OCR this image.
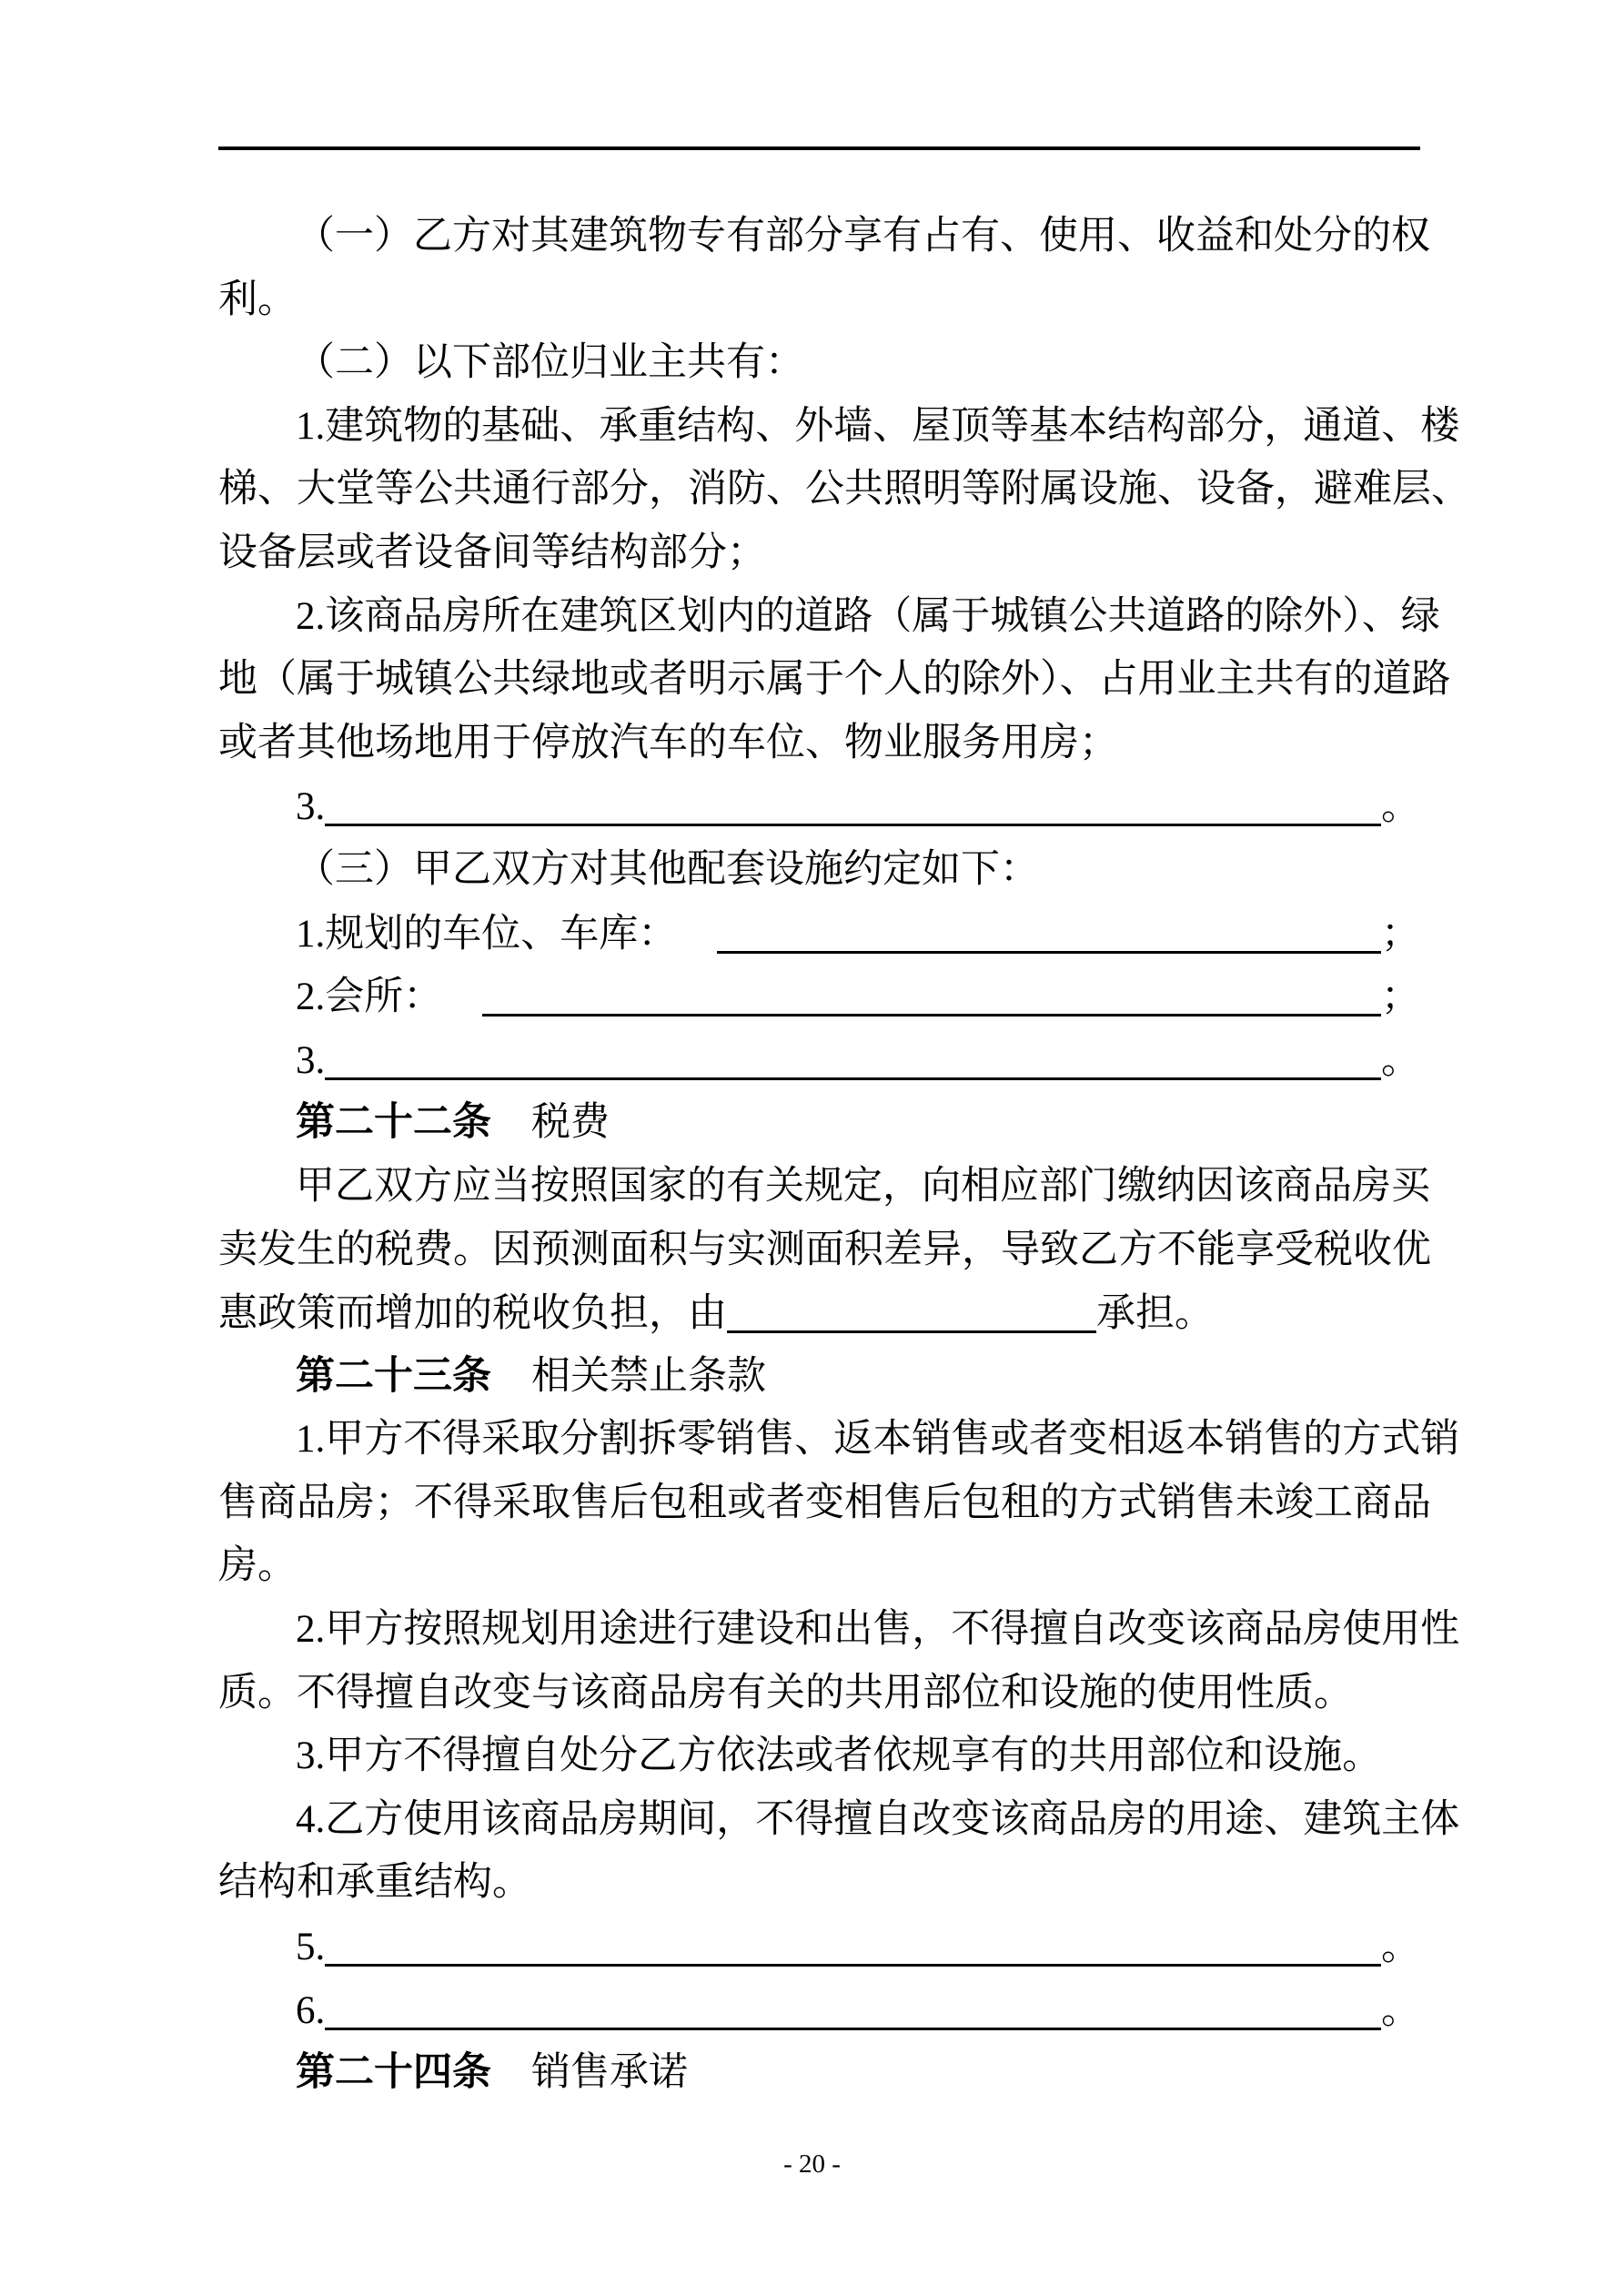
（一）乙方对其建筑物专有部分享有占有、使用、收益和处分的权
利。
（二）以下部位归业主共有：
1.建筑物的基础、承重结构、外墙、屋顶等基本结构部分，通道、楼
梯、大堂等公共通行部分，消防、公共照明等附属设施、设备，避难层、
设备层或者设备间等结构部分；
2.该商品房所在建筑区划内的道路（属于城镇公共道路的除外）、绿
地（属于城镇公共绿地或者明示属于个人的除外）、占用业主共有的道路
或者其他场地用于停放汽车的车位、物业服务用房；
3.	。
（三）甲乙双方对其他配套设施约定如下：
1.规划的车位、车库：	；
2.会所：	；
3.	。
第二十二条 税费
甲乙双方应当按照国家的有关规定，向相应部门缴纳因该商品房买
卖发生的税费。因预测面积与实测面积差异，导致乙方不能享受税收优
惠政策而增加的税收负担，由	承担。
第二十三条 相关禁止条款
1.甲方不得采取分割拆零销售、返本销售或者变相返本销售的方式销
售商品房；不得采取售后包租或者变相售后包租的方式销售未竣工商品
房。
2.甲方按照规划用途进行建设和出售，不得擅自改变该商品房使用性
质。不得擅自改变与该商品房有关的共用部位和设施的使用性质。
3.甲方不得擅自处分乙方依法或者依规享有的共用部位和设施。
4.乙方使用该商品房期间，不得擅自改变该商品房的用途、建筑主体
结构和承重结构。
5.	。
6.	。
第二十四条 销售承诺
- 20 -
